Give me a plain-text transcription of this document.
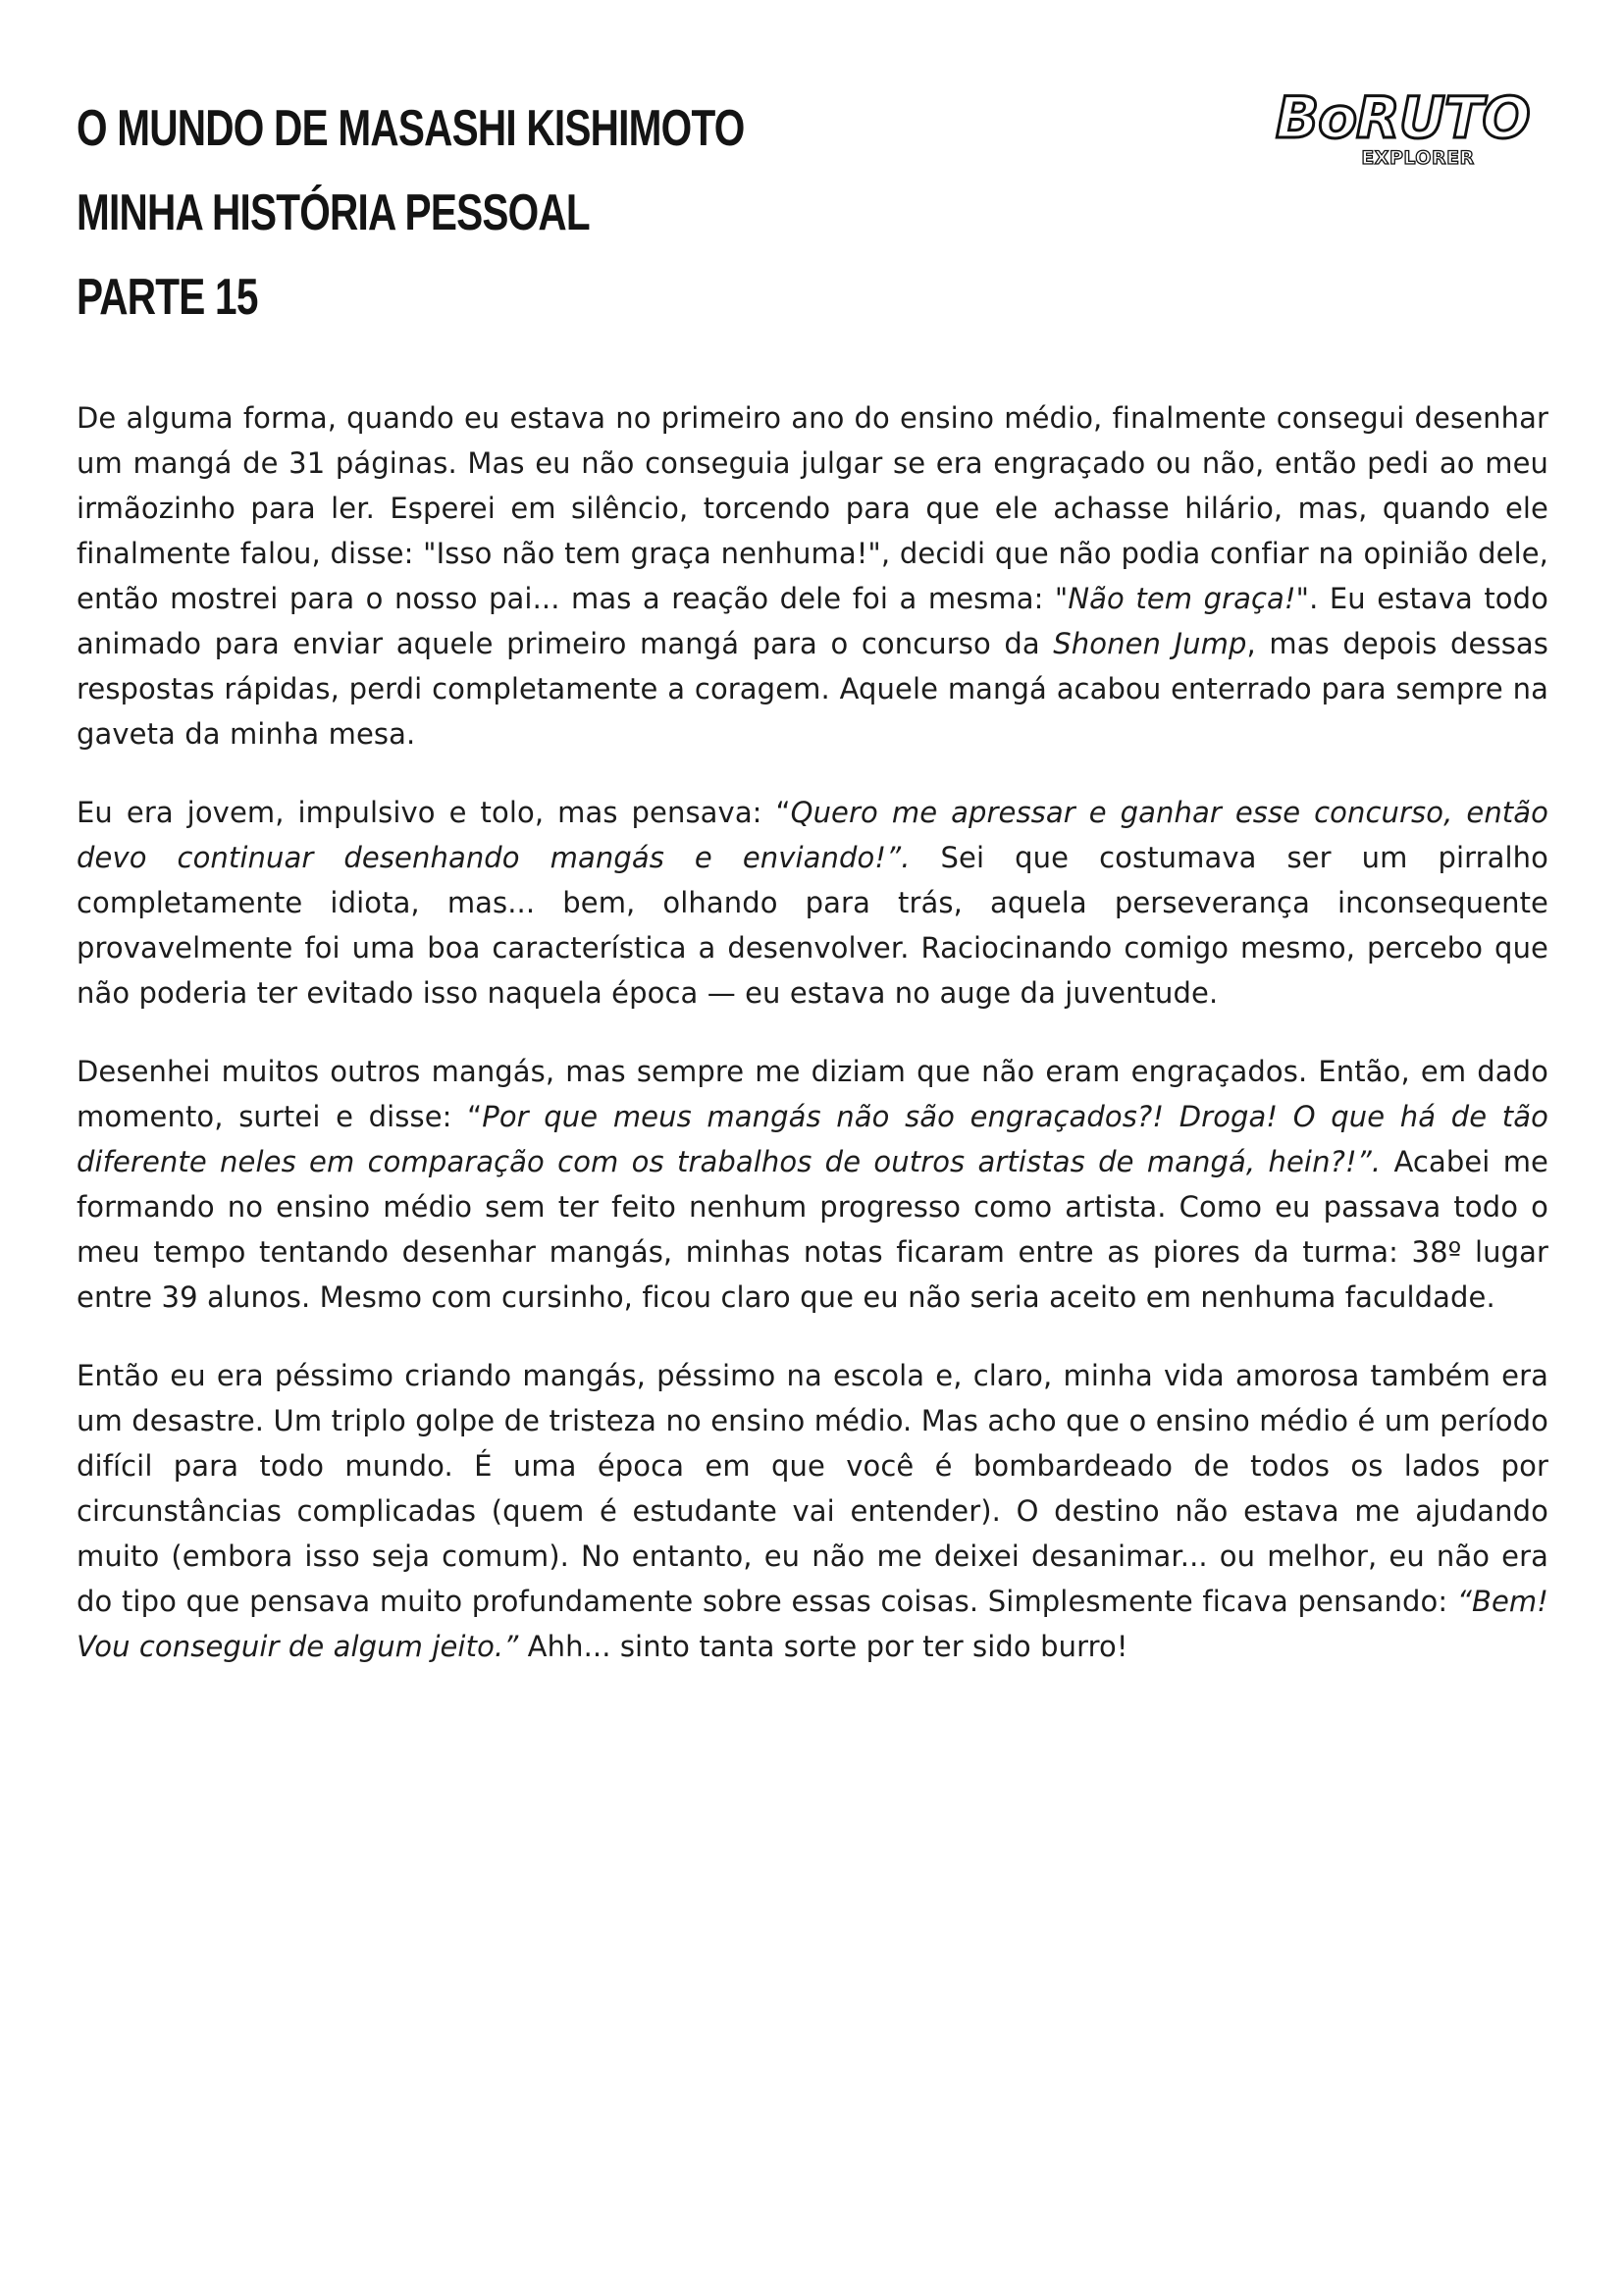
O MUNDO DE MASASHI KISHIMOTO
MINHA HISTÓRIA PESSOAL
PARTE 15
BoRUTO
EXPLORER

De alguma forma, quando eu estava no primeiro ano do ensino médio, finalmente consegui desenhar um mangá de 31 páginas. Mas eu não conseguia julgar se era engraçado ou não, então pedi ao meu irmãozinho para ler. Esperei em silêncio, torcendo para que ele achasse hilário, mas, quando ele finalmente falou, disse: "Isso não tem graça nenhuma!", decidi que não podia confiar na opinião dele, então mostrei para o nosso pai... mas a reação dele foi a mesma: "Não tem graça!". Eu estava todo animado para enviar aquele primeiro mangá para o concurso da Shonen Jump, mas depois dessas respostas rápidas, perdi completamente a coragem. Aquele mangá acabou enterrado para sempre na gaveta da minha mesa.

Eu era jovem, impulsivo e tolo, mas pensava: “Quero me apressar e ganhar esse concurso, então devo continuar desenhando mangás e enviando!”. Sei que costumava ser um pirralho completamente idiota, mas... bem, olhando para trás, aquela perseverança inconsequente provavelmente foi uma boa característica a desenvolver. Raciocinando comigo mesmo, percebo que não poderia ter evitado isso naquela época — eu estava no auge da juventude.

Desenhei muitos outros mangás, mas sempre me diziam que não eram engraçados. Então, em dado momento, surtei e disse: “Por que meus mangás não são engraçados?! Droga! O que há de tão diferente neles em comparação com os trabalhos de outros artistas de mangá, hein?!”. Acabei me formando no ensino médio sem ter feito nenhum progresso como artista. Como eu passava todo o meu tempo tentando desenhar mangás, minhas notas ficaram entre as piores da turma: 38º lugar entre 39 alunos. Mesmo com cursinho, ficou claro que eu não seria aceito em nenhuma faculdade.

Então eu era péssimo criando mangás, péssimo na escola e, claro, minha vida amorosa também era um desastre. Um triplo golpe de tristeza no ensino médio. Mas acho que o ensino médio é um período difícil para todo mundo. É uma época em que você é bombardeado de todos os lados por circunstâncias complicadas (quem é estudante vai entender). O destino não estava me ajudando muito (embora isso seja comum). No entanto, eu não me deixei desanimar... ou melhor, eu não era do tipo que pensava muito profundamente sobre essas coisas. Simplesmente ficava pensando: “Bem! Vou conseguir de algum jeito.” Ahh... sinto tanta sorte por ter sido burro!
